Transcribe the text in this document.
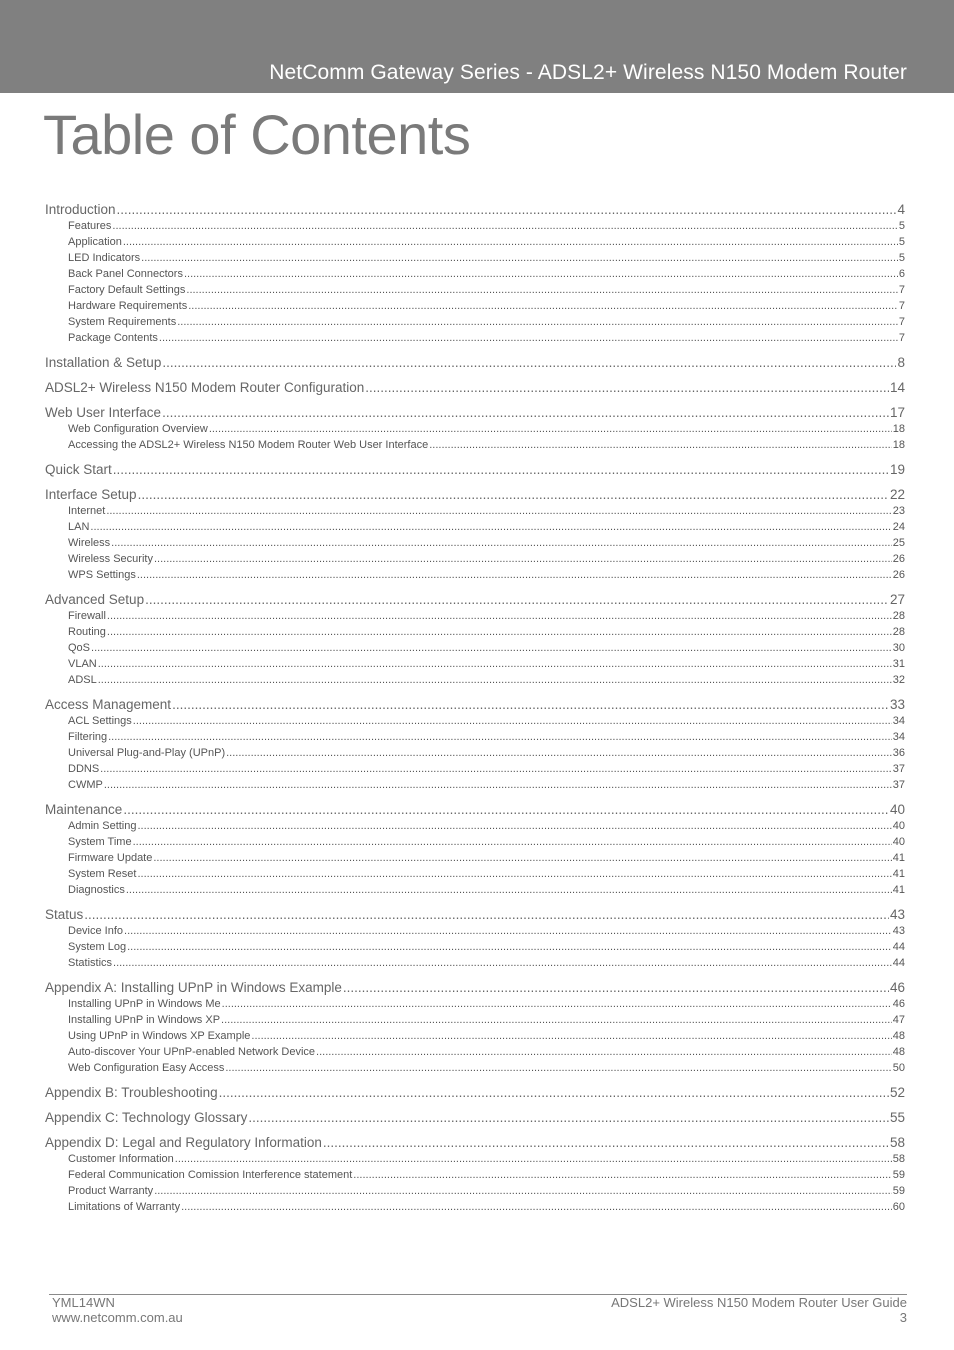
NetComm Gateway Series - ADSL2+ Wireless N150 Modem Router
Table of Contents
Introduction .....	4
Features .....	5
Application .....	5
LED Indicators .....	5
Back Panel Connectors .....	6
Factory Default Settings .....	7
Hardware Requirements .....	7
System Requirements .....	7
Package Contents .....	7
Installation & Setup .....	8
ADSL2+ Wireless N150 Modem Router Configuration .....	14
Web User Interface .....	17
Web Configuration Overview .....	18
Accessing the ADSL2+ Wireless N150 Modem Router Web User Interface .....	18
Quick Start .....	19
Interface Setup .....	22
Internet .....	23
LAN .....	24
Wireless .....	25
Wireless Security .....	26
WPS Settings .....	26
Advanced Setup .....	27
Firewall .....	28
Routing .....	28
QoS .....	30
VLAN .....	31
ADSL .....	32
Access Management .....	33
ACL Settings .....	34
Filtering .....	34
Universal Plug-and-Play (UPnP) .....	36
DDNS .....	37
CWMP .....	37
Maintenance .....	40
Admin Setting .....	40
System Time .....	40
Firmware Update .....	41
System Reset .....	41
Diagnostics .....	41
Status .....	43
Device Info .....	43
System Log .....	44
Statistics .....	44
Appendix A: Installing UPnP in Windows Example .....	46
Installing UPnP in Windows Me .....	46
Installing UPnP in Windows XP .....	47
Using UPnP in Windows XP Example .....	48
Auto-discover Your UPnP-enabled Network Device .....	48
Web Configuration Easy Access .....	50
Appendix B: Troubleshooting .....	52
Appendix C: Technology Glossary .....	55
Appendix D: Legal and Regulatory Information .....	58
Customer Information .....	58
Federal Communication Comission Interference statement .....	59
Product Warranty .....	59
Limitations of Warranty .....	60
YML14WN
www.netcomm.com.au
ADSL2+ Wireless N150 Modem Router User Guide
3
